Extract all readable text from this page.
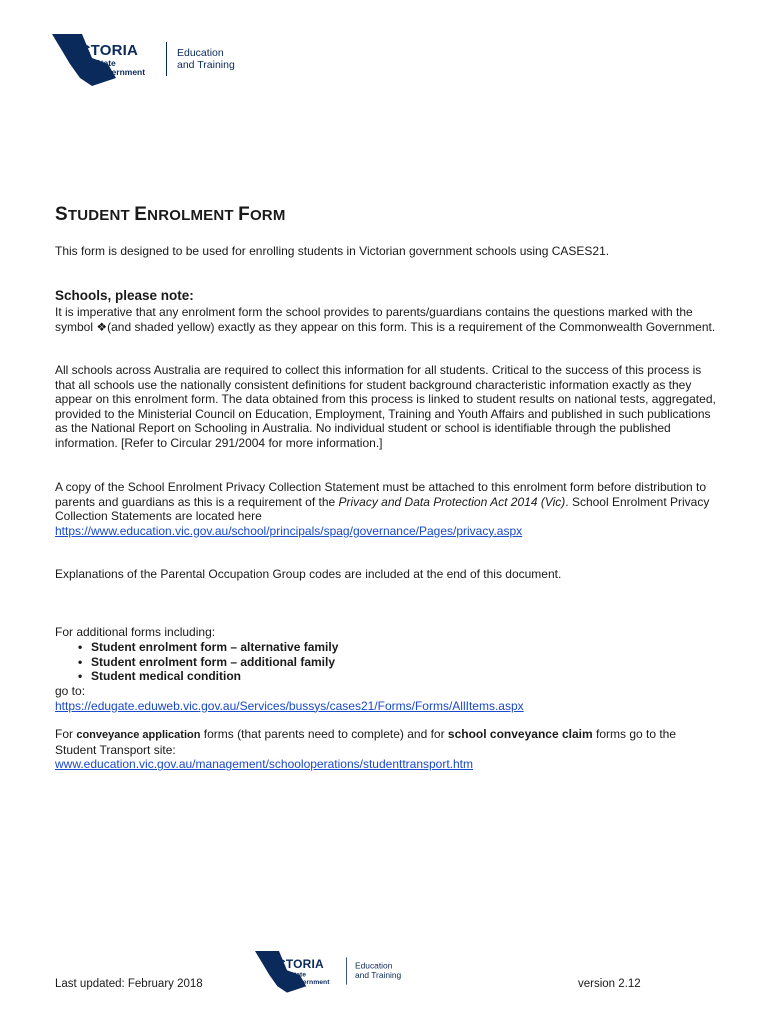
VICTORIA
State
Government
Education
and Training
STUDENT ENROLMENT FORM

This form is designed to be used for enrolling students in Victorian government schools using CASES21.

Schools, please note:

It is imperative that any enrolment form the school provides to parents/guardians contains the questions marked with the symbol ❖(and shaded yellow) exactly as they appear on this form. This is a requirement of the Commonwealth Government.

All schools across Australia are required to collect this information for all students. Critical to the success of this process is that all schools use the nationally consistent definitions for student background characteristic information exactly as they appear on this enrolment form. The data obtained from this process is linked to student results on national tests, aggregated, provided to the Ministerial Council on Education, Employment, Training and Youth Affairs and published in such publications as the National Report on Schooling in Australia. No individual student or school is identifiable through the published information. [Refer to Circular 291/2004 for more information.]

A copy of the School Enrolment Privacy Collection Statement must be attached to this enrolment form before distribution to parents and guardians as this is a requirement of the Privacy and Data Protection Act 2014 (Vic). School Enrolment Privacy Collection Statements are located here
https://www.education.vic.gov.au/school/principals/spag/governance/Pages/privacy.aspx

Explanations of the Parental Occupation Group codes are included at the end of this document.

For additional forms including:

• Student enrolment form – alternative family
• Student enrolment form – additional family
• Student medical condition

go to:
https://edugate.eduweb.vic.gov.au/Services/bussys/cases21/Forms/Forms/AllItems.aspx

For conveyance application forms (that parents need to complete) and for school conveyance claim forms go to the Student Transport site:
www.education.vic.gov.au/management/schooloperations/studenttransport.htm

VICTORIA
State
Government
Education
and Training
Last updated: February 2018	version 2.12
